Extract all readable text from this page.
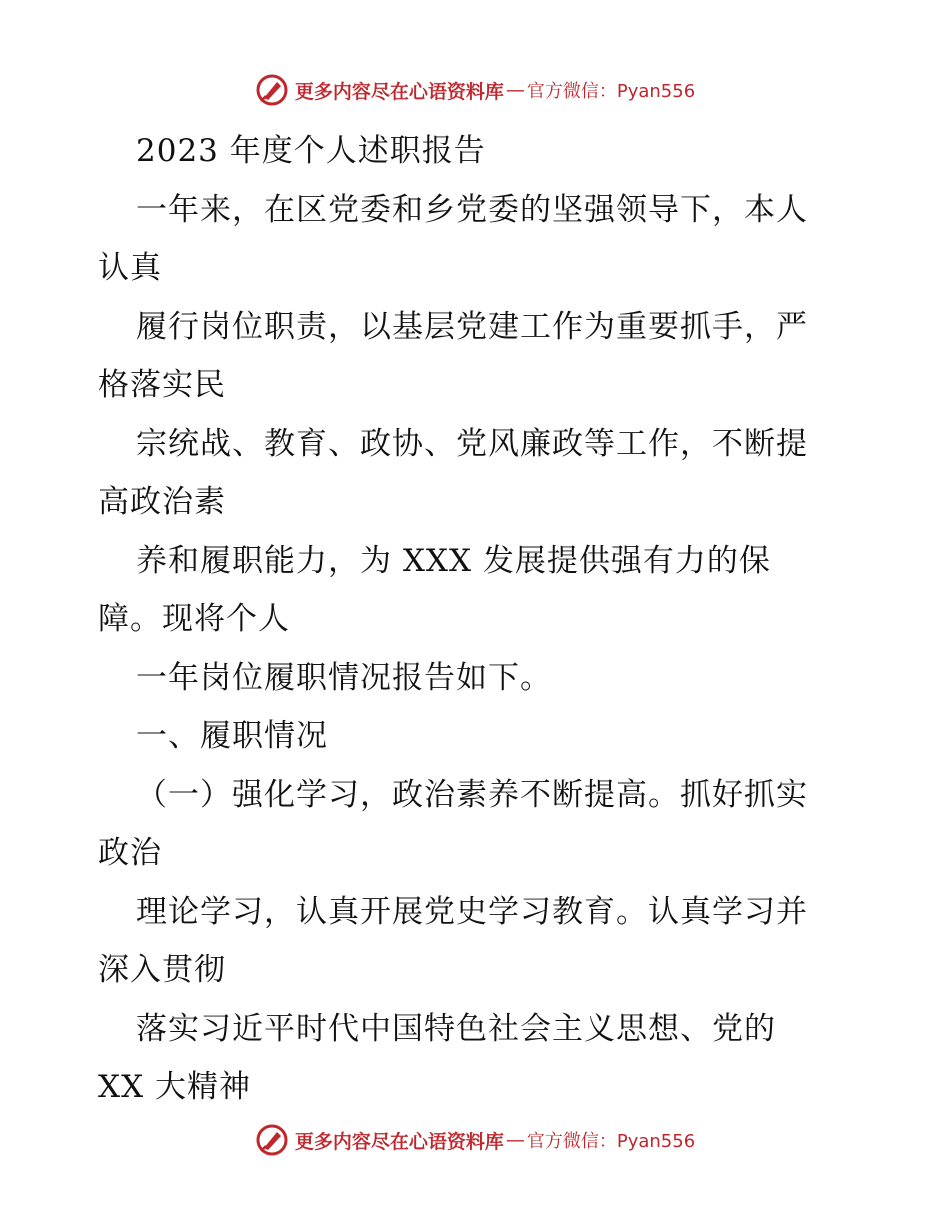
更多内容尽在心语资料库 — 官方微信：Pyan556
2023 年度个人述职报告
一年来，在区党委和乡党委的坚强领导下，本人
认真
履行岗位职责，以基层党建工作为重要抓手，严
格落实民
宗统战、教育、政协、党风廉政等工作，不断提
高政治素
养和履职能力，为 XXX 发展提供强有力的保
障。现将个人
一年岗位履职情况报告如下。
一、履职情况
（一）强化学习，政治素养不断提高。抓好抓实
政治
理论学习，认真开展党史学习教育。认真学习并
深入贯彻
落实习近平时代中国特色社会主义思想、党的
XX 大精神
更多内容尽在心语资料库 — 官方微信：Pyan556
